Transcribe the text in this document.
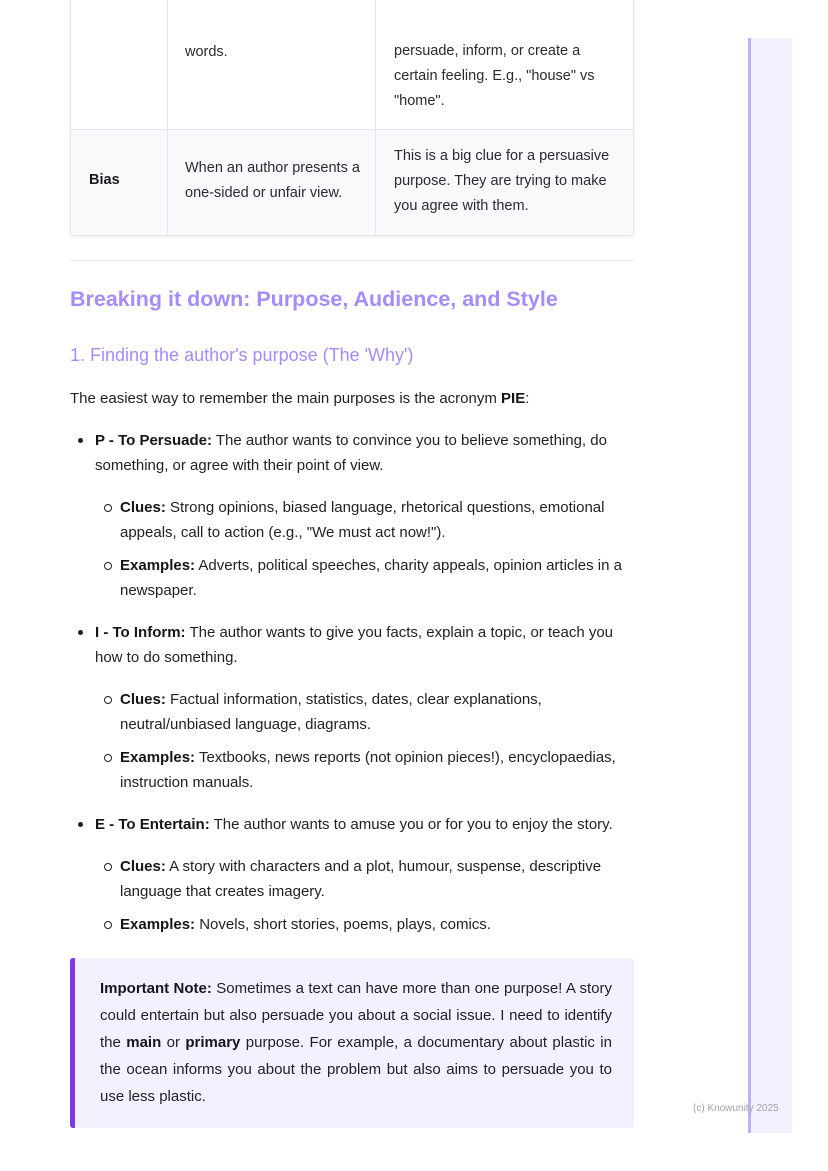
words.	persuade, inform, or create a certain feeling. E.g., "house" vs "home".
Bias
When an author presents a one-sided or unfair view.
This is a big clue for a persuasive purpose. They are trying to make you agree with them.
Breaking it down: Purpose, Audience, and Style
1. Finding the author's purpose (The 'Why')
The easiest way to remember the main purposes is the acronym PIE:
P - To Persuade: The author wants to convince you to believe something, do something, or agree with their point of view.
Clues: Strong opinions, biased language, rhetorical questions, emotional appeals, call to action (e.g., "We must act now!").
Examples: Adverts, political speeches, charity appeals, opinion articles in a newspaper.
I - To Inform: The author wants to give you facts, explain a topic, or teach you how to do something.
Clues: Factual information, statistics, dates, clear explanations, neutral/unbiased language, diagrams.
Examples: Textbooks, news reports (not opinion pieces!), encyclopaedias, instruction manuals.
E - To Entertain: The author wants to amuse you or for you to enjoy the story.
Clues: A story with characters and a plot, humour, suspense, descriptive language that creates imagery.
Examples: Novels, short stories, poems, plays, comics.
Important Note: Sometimes a text can have more than one purpose! A story could entertain but also persuade you about a social issue. I need to identify the main or primary purpose. For example, a documentary about plastic in the ocean informs you about the problem but also aims to persuade you to use less plastic.
(c) Knowunity 2025
